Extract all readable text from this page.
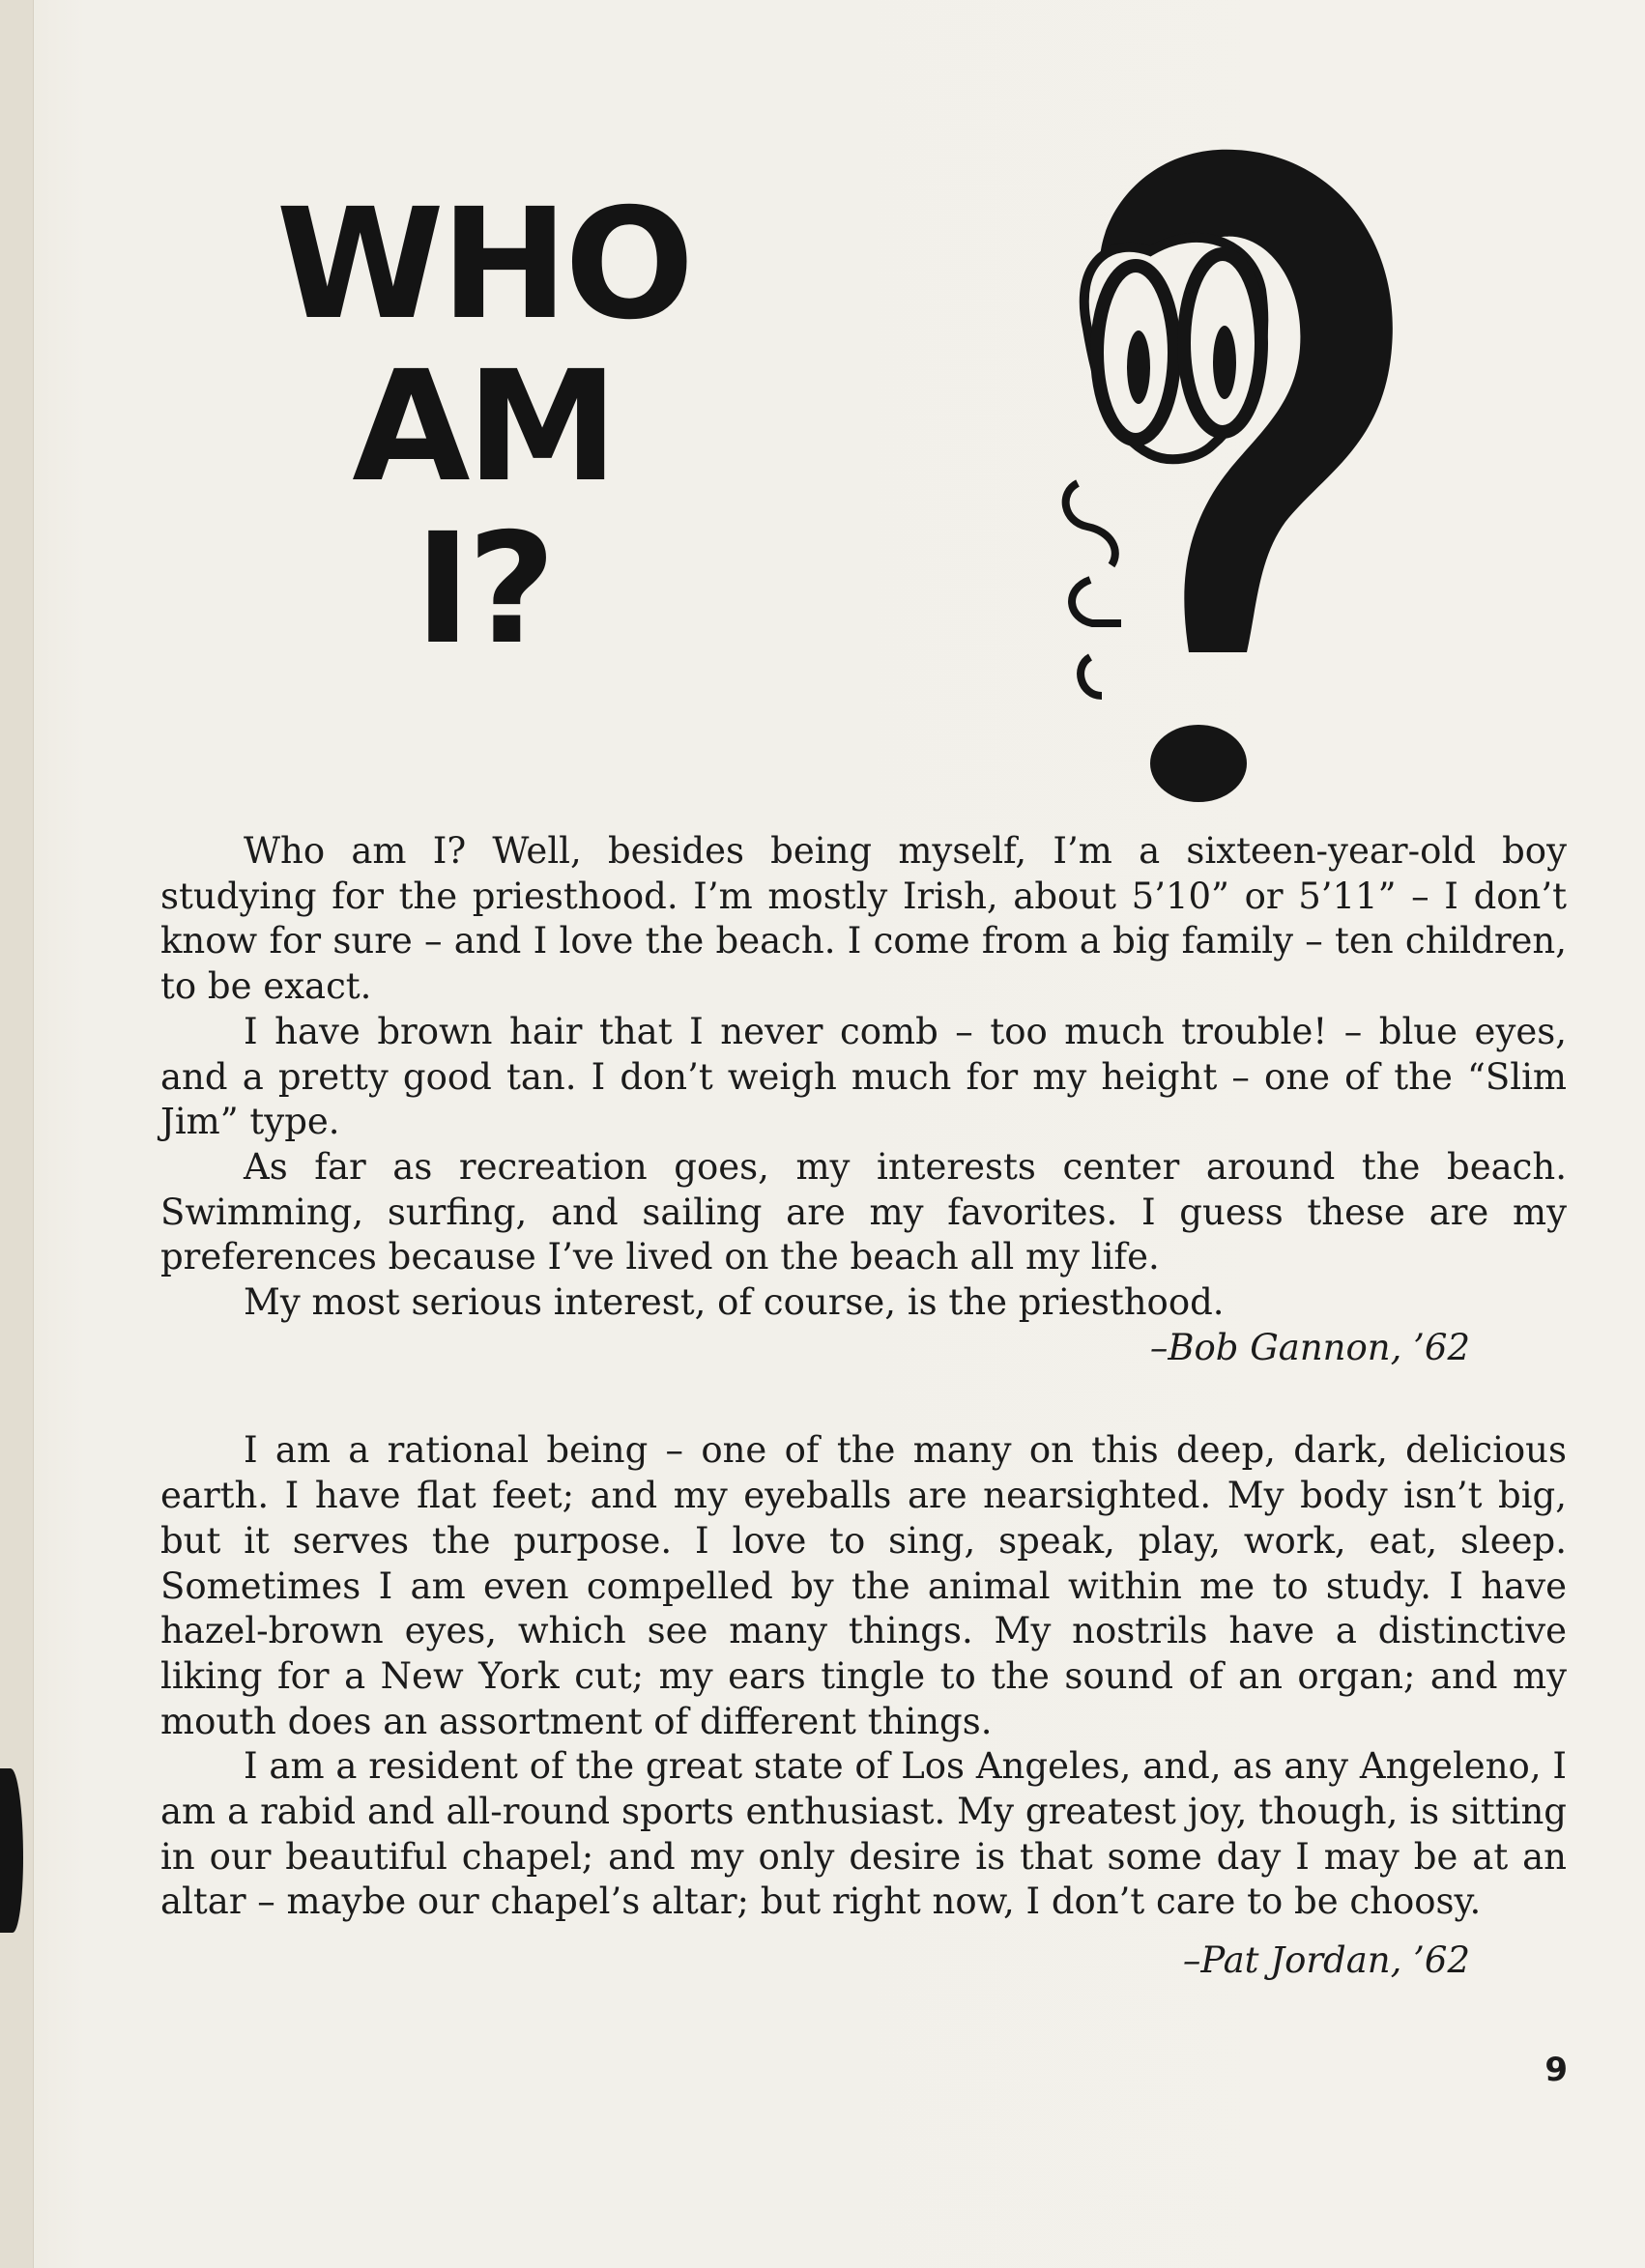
WHO
AM
I?

Who am I? Well, besides being myself, I’m a sixteen-year-old boy studying for the priesthood. I’m mostly Irish, about 5’10” or 5’11” – I don’t know for sure – and I love the beach. I come from a big family – ten children, to be exact.

I have brown hair that I never comb – too much trouble! – blue eyes, and a pretty good tan. I don’t weigh much for my height – one of the “Slim Jim” type.

As far as recreation goes, my interests center around the beach. Swimming, surfing, and sailing are my favorites. I guess these are my preferences because I’ve lived on the beach all my life.

My most serious interest, of course, is the priesthood.

–Bob Gannon, ’62

I am a rational being – one of the many on this deep, dark, delicious earth. I have flat feet; and my eyeballs are nearsighted. My body isn’t big, but it serves the purpose. I love to sing, speak, play, work, eat, sleep. Sometimes I am even compelled by the animal within me to study. I have hazel-brown eyes, which see many things. My nostrils have a distinctive liking for a New York cut; my ears tingle to the sound of an organ; and my mouth does an assortment of different things.

I am a resident of the great state of Los Angeles, and, as any Angeleno, I am a rabid and all-round sports enthusiast. My greatest joy, though, is sitting in our beautiful chapel; and my only desire is that some day I may be at an altar – maybe our chapel’s altar; but right now, I don’t care to be choosy.

–Pat Jordan, ’62
9
